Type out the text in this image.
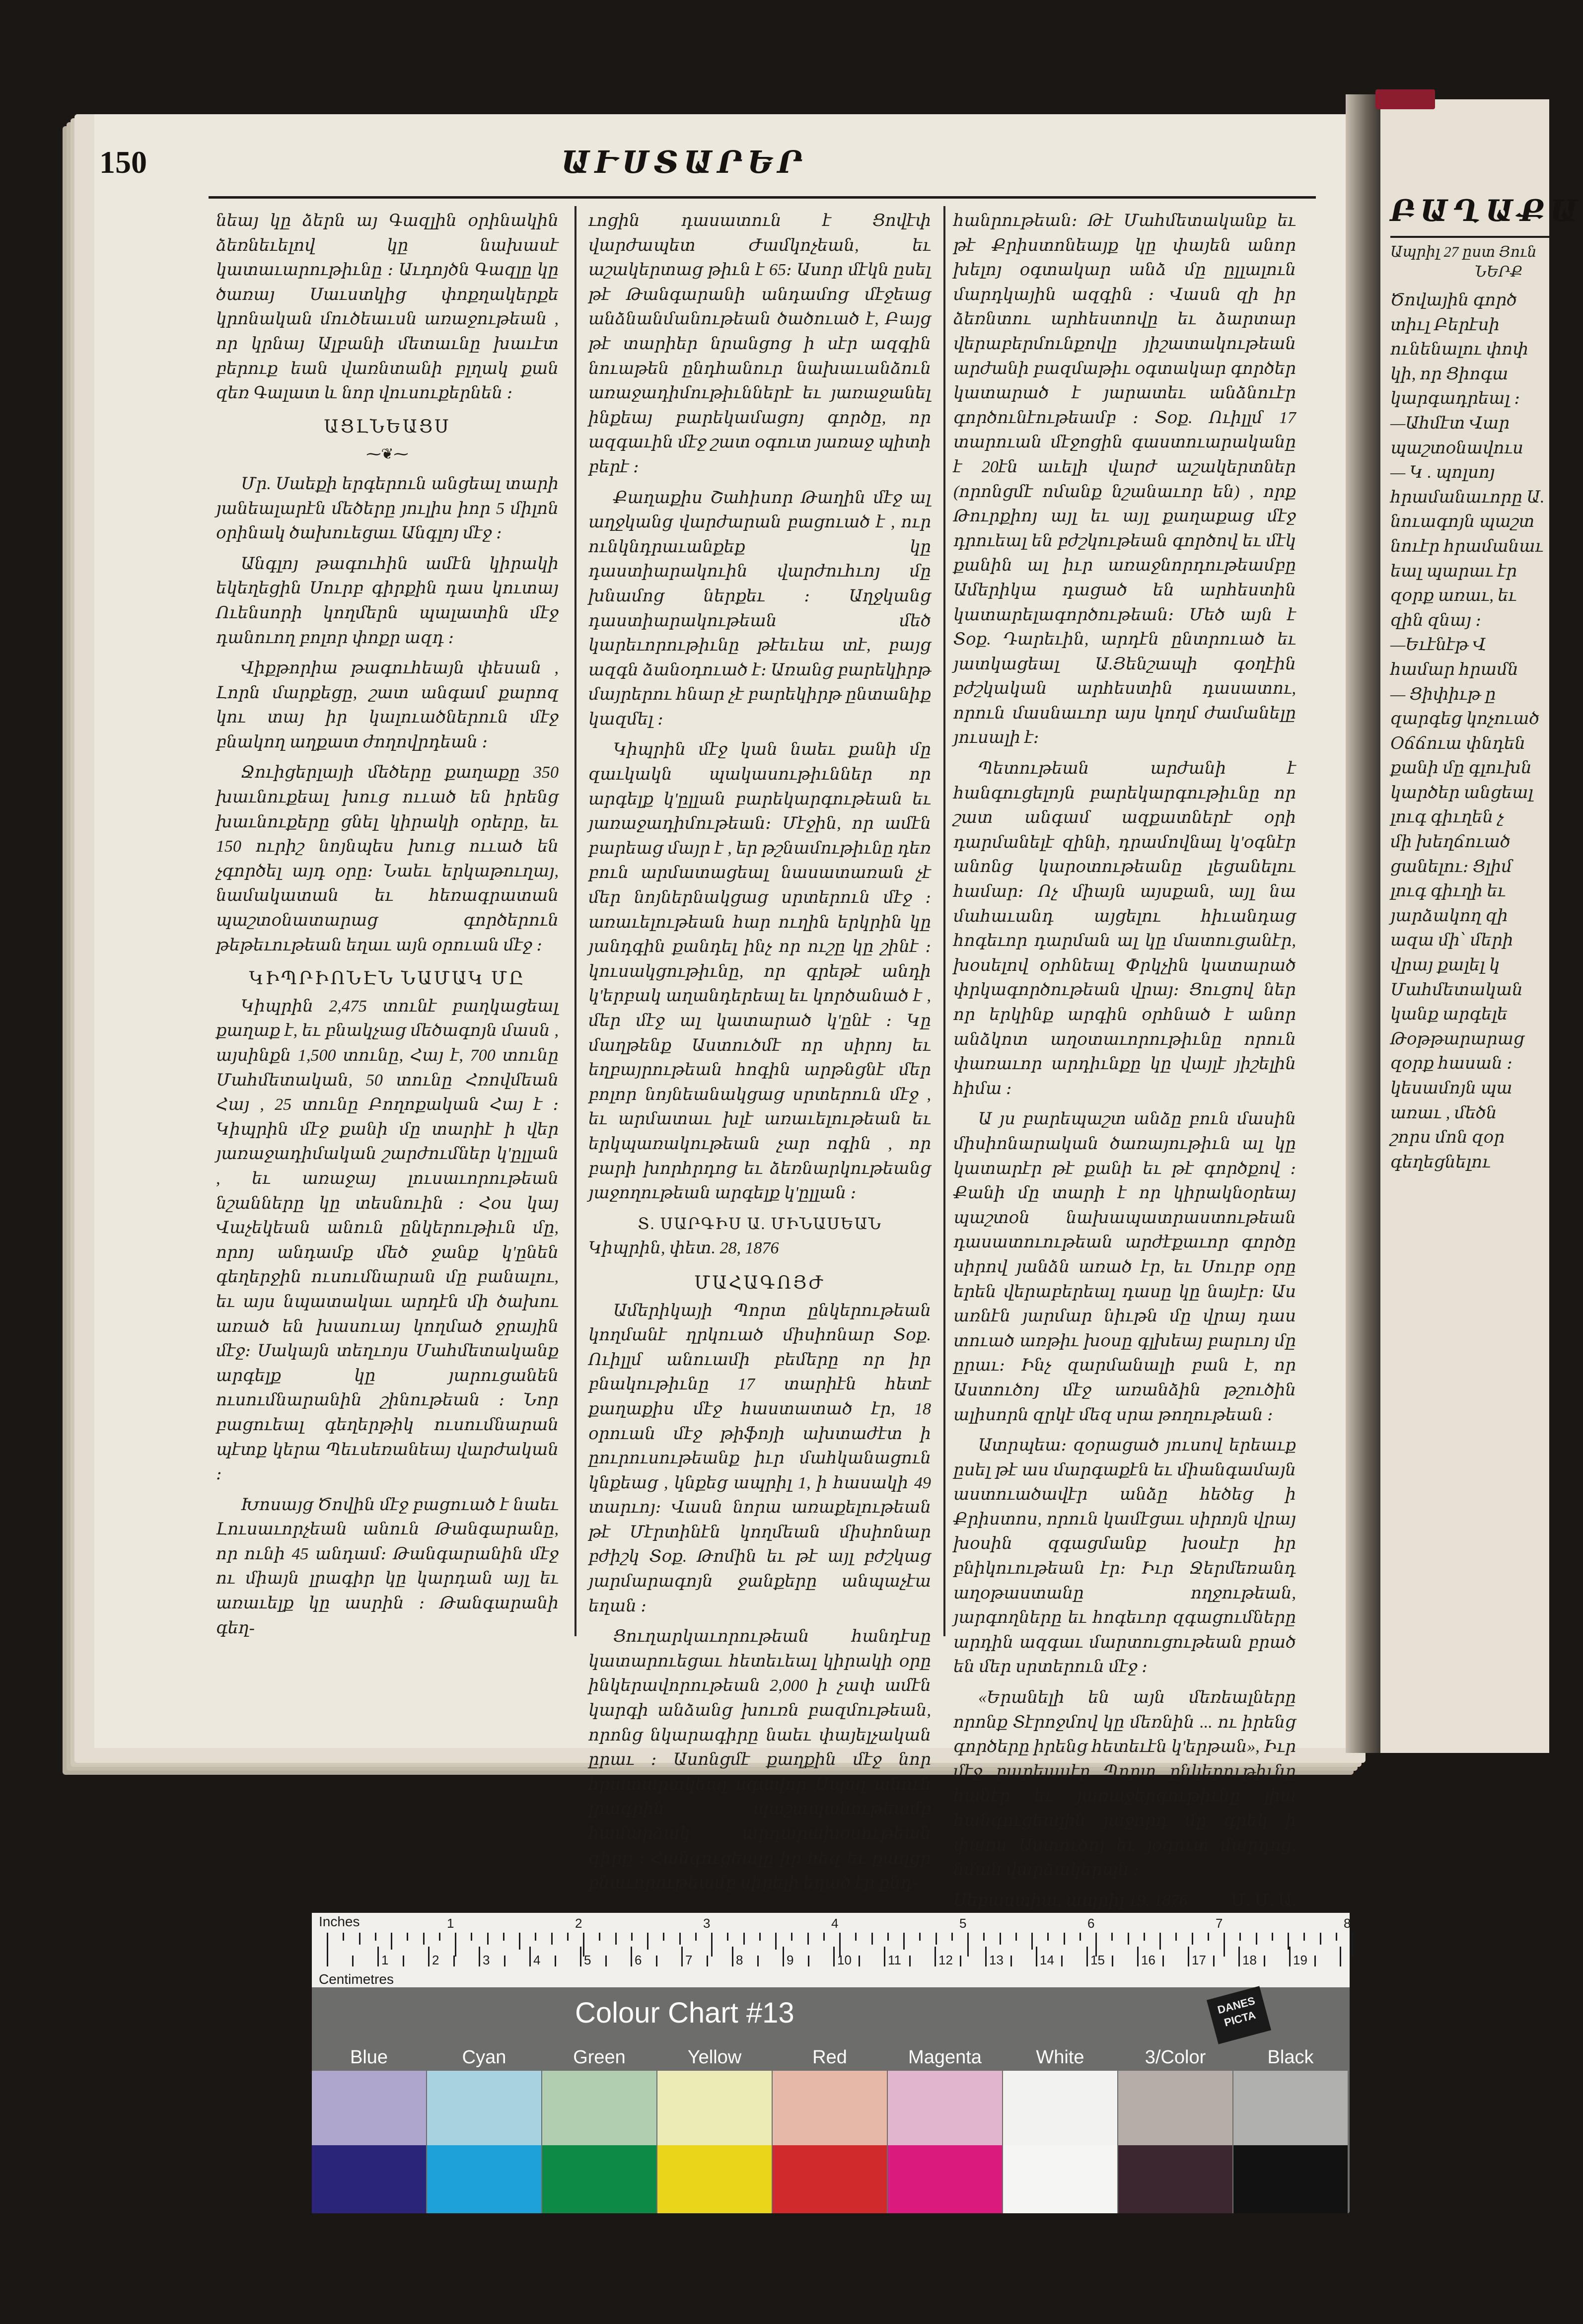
ԲԱՂԱՔԱ
Ապրիլ 27 ըստ Յուն
ՆԵՐՔ
Ծովային գործ
տիւլ Բերէսի
ունենալու փոփ
կի, որ Ցիոգա
կարգադրեալ ։
—Ահմէտ Վար
պաշտօնավուս
— Կ . պոլսոյ
հրամանաւորը Ա.
նուագոյն պաշտ
նուէր հրամանաւ
եալ պարաւ էր
զօրք առաւ, եւ
զին զնայ ։
—Եւէնէթ Վ
համար հրամն
— Ցիփիւթ ը
զարգեց կոչուած
Օճճուա փնդեն
քանի մը գլուխն
կարծեր անցեալ
լուգ գիւղեն չ
մի խեղճուած
ցանելու։ Ցլիմ
լուգ գիւղի եւ
յարձակող զի
ազա մի՝ մերի
վրայ քալել կ
Մահմետական
կանք արգելե
Թօթթարարաց
զօրք հասան ։
կեսամոյն պա
առաւ , մեծն
շորս մոն զօր
գեղեցնելու
150	ԱՒՍՏԱՐԵՐ

նեայ կը ձերն այ Գազլին օրինակին ձեռնեւելով կը նախասէ կատաւարութիւնը ։ Աւդոյծն Գազլը կը ծառայ Սաւստկից փոքղակերքե կրոնական մուծեաւսն առաջութեան , որ կրնայ Ալբանի մետաւնը խաւէտ բերուք եան վառնտանի բլղակ քան զեռ Գալատ և նոր վուսուքերնեն ։

ԱՑԼՆԵԱՑՍ
⁓❦⁓

Մր. Սաեքի երգերուն անցեալ տարի յանեալարէն մեծերը յուլիս իոր 5 միլոն օրինակ ծախուեցաւ Անգլոյ մէջ ։

Անգլոյ թագուհին ամէն կիրակի եկեղեցին Սուրբ գիրքին դաս կուտայ Ուենսորի կողմերն պալատին մէջ դանուող բոլոր փոքր ազդ ։

Վիքթորիա թագուհեայն փեսան , Լորն մարքեցը, շատ անգամ քարոզ կու տայ իր կալուածներուն մէջ բնակող աղքատ ժողովրդեան ։

Ջուիցերլայի մեծերը քաղաքը 350 խաւնուքեալ խուց ոււած են իրենց խաւնուքերը ցնել կիրակի օրերը, եւ 150 ուրիշ նոյնպես խուց ոււած են չգործել այդ օրը։ Նաեւ երկաթուղայ, նամակատան եւ հեռագրատան պաշտօնատարաց գործերուն թեթեւութեան եղաւ այն օրուան մէջ ։

ԿԻՊՐԻՈՆԷՆ ՆԱՄԱԿ ՄԸ

Կիպրին 2,475 տունէ բաղկացեալ քաղաք է, եւ բնակչաց մեծագոյն մասն , այսինքն 1,500 տունը, Հայ է, 700 տունը Մահմետական, 50 տունը Հռովմեան Հայ , 25 տունը Բողոքական Հայ է ։ Կիպրին մէջ քանի մը տարիէ ի վեր յառաջադիմական շարժումներ կ'ըլլան , եւ առաջայ լուսաւորութեան նշանները կը տեսնուին ։ Հօս կայ Վաչեկեան անուն ընկերութիւն մը, որոյ անդամք մեծ ջանք կ'ընեն գեղերջին ուսումնարան մը բանալու, եւ այս նպատակաւ արդէն մի ծախու առած են խասուայ կողմած ջրային մէջ։ Սակայն տեղւոյս Մահմետականք արգելք կը յարուցանեն ուսումնարանին շինութեան ։ Նոր բացուեալ գեղերթիկ ուսումնարան պէտք կերա Պեւսեռանեայ վարժական ։

Խոսայց Ծովին մէջ բացուած է նաեւ Լուսաւորչեան անուն Թանգարանը, որ ունի 45 անդամ։ Թանգարանին մէջ ու միայն լրագիր կը կարդան այլ եւ առաւելք կը ասրին ։ Թանգարանի գեղ-

ւոցին դասատուն է Ցովէփ վարժապետ Ժամկոչեան, եւ աշակերտաց թիւն է 65։ Ասոր մէկն ըսել թէ Թանգարանի անդամոց մէջեաց անձնանմանութեան ծածուած է, Բայց թէ տարիեր նրանցոց ի սէր ազգին նուաթեն ընդհանուր նախաւանձուն առաջադիմութիւններէ եւ յառաջանել ինքեայ բարեկամացոյ գործը, որ ազգաւին մէջ շատ օգուտ յառաջ պիտի բերէ ։

Քաղաքիս Շահիսոր Թաղին մէջ ալ աղջկանց վարժարան բացուած է , ուր ունկնդրաւանքեք կը դաստիարակուին վարժուհւոյ մը խնամոց ներքեւ ։ Աղջկանց դաստիարակութեան մեծ կարեւորութիւնը թէեւեա տէ, բայց ազգն ձանօդուած է։ Առանց բարեկիրթ մայրերու հնար չէ բարեկիրթ ընտանիք կազմել ։

Կիպրին մէջ կան նաեւ քանի մը զաւկակն պակասութիւններ որ արգելք կ'ըլլան բարեկարգութեան եւ յառաջադիմութեան։ Մէջին, որ ամէն բարեաց մայր է , եր թշնամութիւնը դեռ բուն արմատացեալ նասատառան չէ մեր նոյներնակցաց սրտերուն մէջ ։ առաւելութեան հար ուղին երկրին կը յանդգին քանդել ինչ որ ուշը կը շինէ ։ կուսակցութիւնը, որ գրեթէ անդի կ'երբակ աղանդերեալ եւ կործանած է , մեր մէջ ալ կատարած կ'ընէ ։ Կը մաղթենք Աստուծմէ որ սիրոյ եւ եղբայրութեան հոգին արթնցնէ մեր բոլոր նոյնեանակցաց սրտերուն մէջ , եւ արմատաւ խլէ առաւելութեան եւ երկպառակութեան չար ոգին , որ բարի խորհրդոց եւ ձեռնարկութեանց յաջողութեան արգելք կ'ըլլան ։

Տ. ՍԱՐԳԻՍ Ա. ՄԻՆԱՍԵԱՆ
Կիպրին, փետ. 28, 1876
ՄԱՀԱԳՈՅԺ

Ամերիկայի Պորտ ընկերութեան կողմանէ ղրկուած միսիոնար Տօք. Ուիլլմ անուամի բեմերը որ իր բնակութիւնը 17 տարիէն հետէ քաղաքիս մէջ հաստատած էր, 18 օրուան մէջ թիֆոյի ախտաժէտ ի ըուրուսութեանք իւր մահկանացուն կնքեաց , կնքեց ապրիլ 1, ի հասակի 49 տարւոյ։ Վասն նորա առաքելութեան թէ Մէրտինէն կողմեան միսիոնար բժիշկ Տօք. Թոմին եւ թէ այլ բժշկաց յարմարագոյն ջանքերը անպաչէա եղան ։

Ցուղարկաւորութեան հանդէսը կատարուեցաւ հետեւեալ կիրակի օրը ինկերավորութեան 2,000 ի չափ ամէն կարգի անձանց խուռն բազմութեան, որոնց նկարագիրը նաեւ փայելչական ըրաւ ։ Ասոնցմէ քաղքին մէջ նոր հրատարակեալ սգավոր Սպալ անուն լրագրին պաշտպանութեամբ համարձակ արդարախօսութեան գիրք ։ Հանգուցեալը իր հեզ եւ քաղցր բնաւորութեամբ սիրելի եղած էր ընդ-

հանրութեան։ Թէ Մահմետականք եւ թէ Քրիստոնեայք կը փայեն անոր խելոյ օգտակար անձ մը ըլլալուն մարդկային ազգին ։ Վասն զի իր ձեռնտու արհեստովը եւ ձարտար վերաբերմունքովը յիշատակութեան արժանի բազմաթիւ օգտակար գործեր կատարած է յարատեւ անձնուէր գործունէութեամբ ։ Տօք. Ուիլլմ 17 տարուան մէջոցին գաստուարականը է 20էն աւելի վարժ աշակերտներ (որոնցմէ ոմանք նշանաւոր են) , որք Թուրքիոյ այլ եւ այլ քաղաքաց մէջ դրուեալ են բժշկութեան գործով եւ մէկ քանին ալ իւր առաջնորդութեամբը Ամերիկա դացած են արհեստին կատարելագործութեան։ Մեծ այն է Տօք. Դարեւին, արդէն ընտրուած եւ յատկացեալ Ա.Յենշապի գօղէին բժշկական արհեստին դասատու, որուն մասնաւոր այս կողմ ժամանելը յուսալի է։

Պետութեան արժանի է հանգուցելոյն բարեկարգութիւնը որ շատ անգամ ազքատներէ օրի դարմանելէ զինի, դրամովնալ կ'օգնէր անոնց կարօտութեանը լեցանելու համար։ Ոչ միայն այսքան, այլ նա մահաւանդ այցելու հիւանդաց հոգեւոր դարման ալ կը մատուցանէր, խօսելով օրհնեալ Փրկչին կատարած փրկագործութեան վրայ։ Ցուցով ներ որ երկինք արգին օրհնած է անոր անձկոտ աղօտաւորութիւնը որուն փառաւոր արդիւնքը կը վայլէ յիշելին հիմա ։

Ա յս բարեպաշտ անձը բուն մասին միսիոնարական ծառայութիւն ալ կը կատարէր թէ քանի եւ թէ գործքով ։ Քանի մը տարի է որ կիրակնօրեայ պաշտօն նախապատրաստութեան դասատուութեան արժէքաւոր գործը սիրով յանձն առած էր, եւ Սուրբ օրը երեն վերաբերեալ դասը կը նայէր։ Աս առնէն յարմար նիւթն մը վրայ դաս տուած առթիւ խօսը գլխեայ բարւոյ մը ըրաւ։ Ինչ զարմանալի բան է, որ Աստուծոյ մէջ առանձին թշուծին ալիսորն զրկէ մեզ սրա թողութեան ։

Ատրպեա։ զօրացած յուսով երեաւք ըսել թէ աս մարգաքէն եւ միանգամայն աստուածավէր անձը հեծեց ի Քրիստոս, որուն կամէցաւ սիրոյն վրայ խօսին զգացմանք խօսէր իր բնիկուութեան էր։ Իւր Ջերմեռանդ աղօթաստանը ողջութեան, յարգողները եւ հոգեւոր զգացումները արդին ազգաւ մարտուցութեան բրած են մեր սրտերուն մէջ ։

«Երանելի են այն մեռեալները որոնք Տէրոջմով կը մեռնին ... ու իրենց գործերը իրենց հետեւէն կ'երթան», Իւր մէջ բարեասէր Պորտ ընկերութիւնը հանէր եւ յառաջերգութիւնը լիա հանգուցեալին յաջորդ մը գրեկ ի փառս Աստուծոյ եւ յօգուտ մարդոց, նման վարձակերպն ։

Սեբաստիա, ապրիլ 19, 1876	Մ. Մ. Ա.
Inches
Centimetres
1	2	3	4	5	6	7	8
1	2	3	4	5	6	7	8	9	10	11	12	13	14	15	16	17	18	19
Colour Chart #13	DANES PICTA
Blue	Cyan	Green	Yellow	Red	Magenta	White	3/Color	Black
